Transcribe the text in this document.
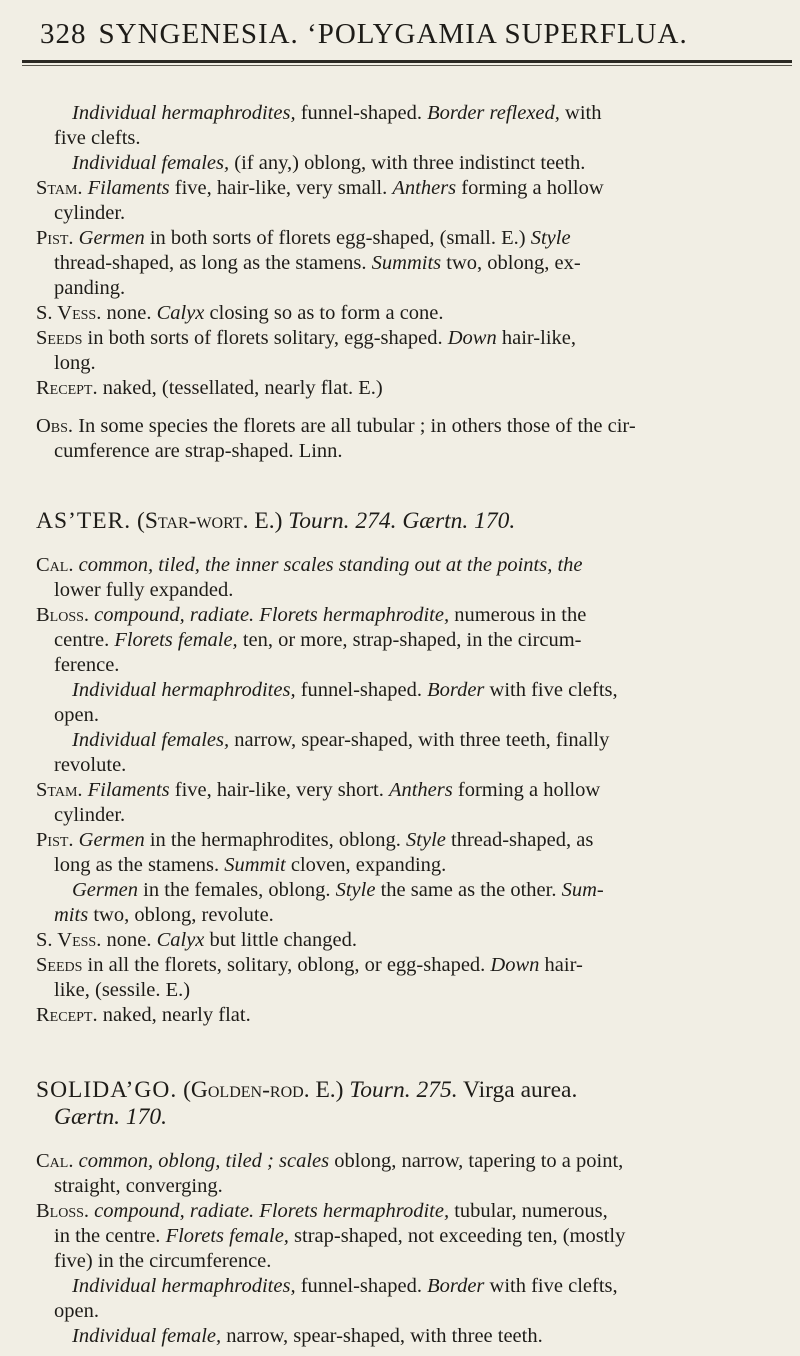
328 SYNGENESIA. ‘POLYGAMIA SUPERFLUA.
Individual hermaphrodites, funnel-shaped. Border reflexed, with
five clefts.
Individual females, (if any,) oblong, with three indistinct teeth.
Stam. Filaments five, hair-like, very small. Anthers forming a hollow
cylinder.
Pist. Germen in both sorts of florets egg-shaped, (small. E.) Style
thread-shaped, as long as the stamens. Summits two, oblong, ex-
panding.
S. Vess. none. Calyx closing so as to form a cone.
Seeds in both sorts of florets solitary, egg-shaped. Down hair-like,
long.
Recept. naked, (tessellated, nearly flat. E.)
Obs. In some species the florets are all tubular ; in others those of the cir-
cumference are strap-shaped. Linn.
AS’TER. (Star-wort. E.) Tourn. 274. Gærtn. 170.
Cal. common, tiled, the inner scales standing out at the points, the
lower fully expanded.
Bloss. compound, radiate. Florets hermaphrodite, numerous in the
centre. Florets female, ten, or more, strap-shaped, in the circum-
ference.
Individual hermaphrodites, funnel-shaped. Border with five clefts,
open.
Individual females, narrow, spear-shaped, with three teeth, finally
revolute.
Stam. Filaments five, hair-like, very short. Anthers forming a hollow
cylinder.
Pist. Germen in the hermaphrodites, oblong. Style thread-shaped, as
long as the stamens. Summit cloven, expanding.
Germen in the females, oblong. Style the same as the other. Sum-
mits two, oblong, revolute.
S. Vess. none. Calyx but little changed.
Seeds in all the florets, solitary, oblong, or egg-shaped. Down hair-
like, (sessile. E.)
Recept. naked, nearly flat.
SOLIDA’GO. (Golden-rod. E.) Tourn. 275. Virga aurea.
Gærtn. 170.
Cal. common, oblong, tiled ; scales oblong, narrow, tapering to a point,
straight, converging.
Bloss. compound, radiate. Florets hermaphrodite, tubular, numerous,
in the centre. Florets female, strap-shaped, not exceeding ten, (mostly
five) in the circumference.
Individual hermaphrodites, funnel-shaped. Border with five clefts,
open.
Individual female, narrow, spear-shaped, with three teeth.
